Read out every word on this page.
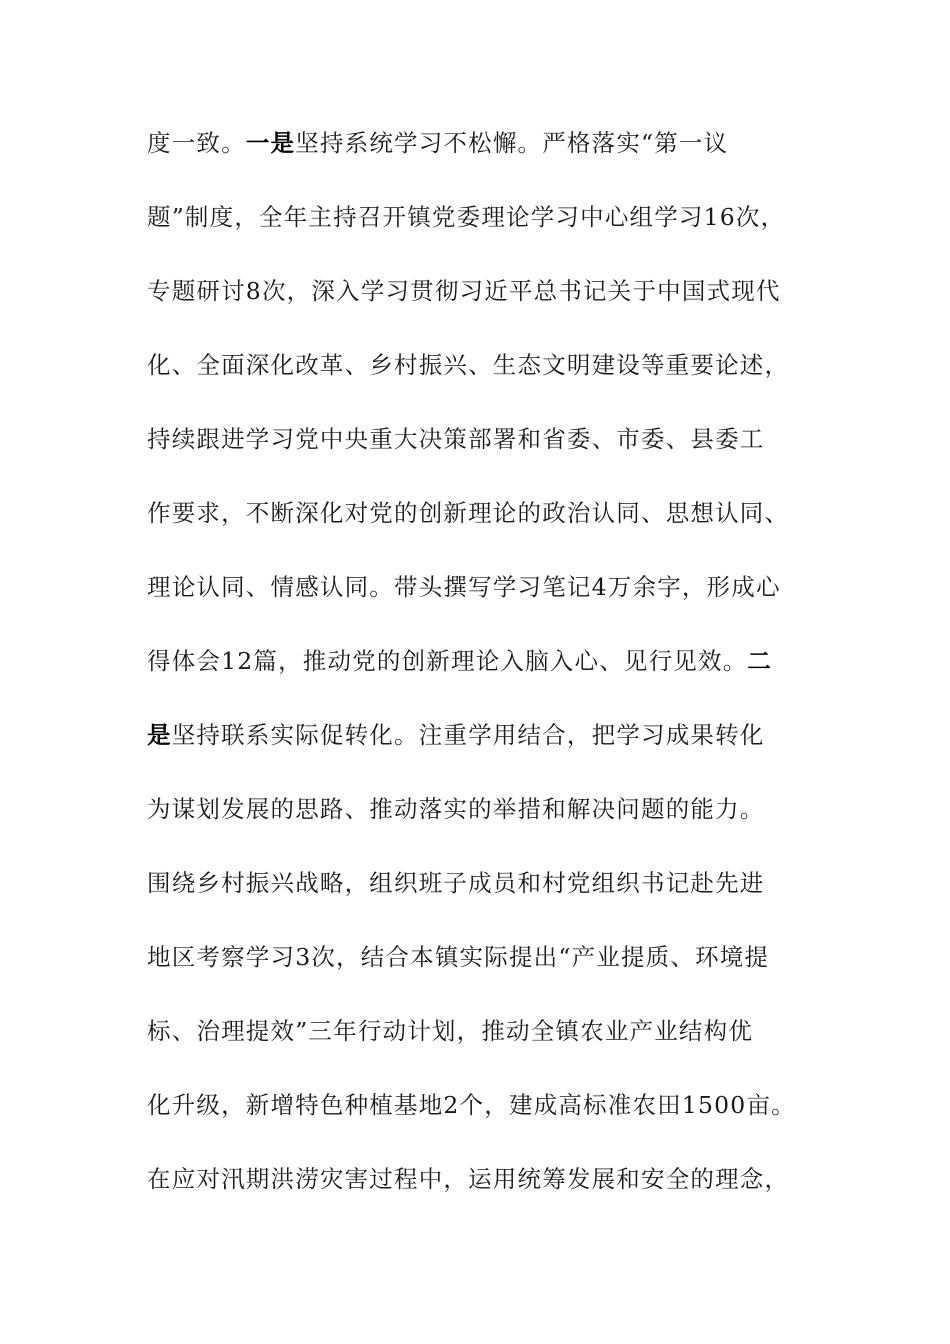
度一致。一是坚持系统学习不松懈。严格落实“第一议
题”制度，全年主持召开镇党委理论学习中心组学习16次，
专题研讨8次，深入学习贯彻习近平总书记关于中国式现代
化、全面深化改革、乡村振兴、生态文明建设等重要论述，
持续跟进学习党中央重大决策部署和省委、市委、县委工
作要求，不断深化对党的创新理论的政治认同、思想认同、
理论认同、情感认同。带头撰写学习笔记4万余字，形成心
得体会12篇，推动党的创新理论入脑入心、见行见效。二
是坚持联系实际促转化。注重学用结合，把学习成果转化
为谋划发展的思路、推动落实的举措和解决问题的能力。
围绕乡村振兴战略，组织班子成员和村党组织书记赴先进
地区考察学习3次，结合本镇实际提出“产业提质、环境提
标、治理提效”三年行动计划，推动全镇农业产业结构优
化升级，新增特色种植基地2个，建成高标准农田1500亩。
在应对汛期洪涝灾害过程中，运用统筹发展和安全的理念，
